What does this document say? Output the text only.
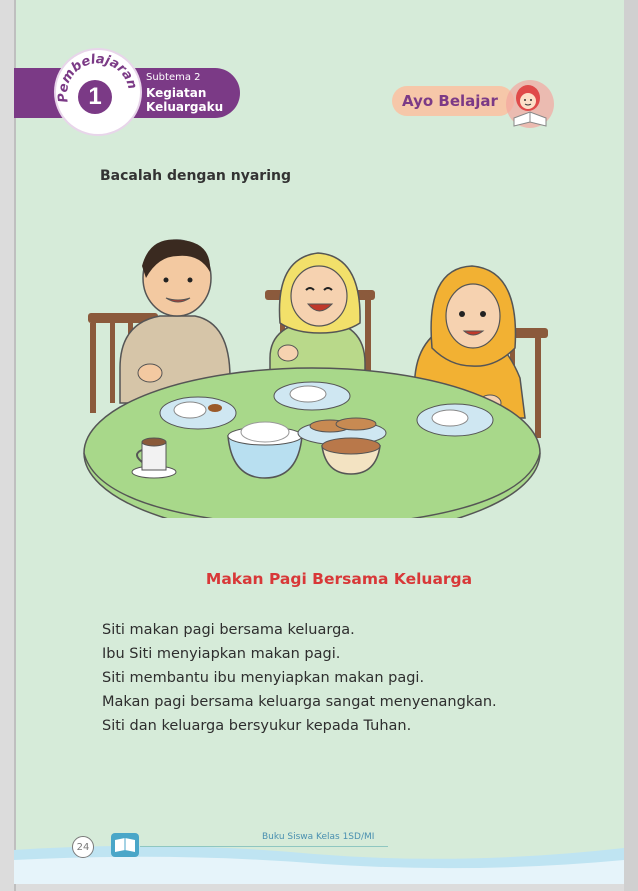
Pembelajaran
1
Subtema 2
Kegiatan Keluargaku	Ayo Belajar
Bacalah dengan nyaring
Makan Pagi Bersama Keluarga
Siti makan pagi bersama keluarga.
Ibu Siti menyiapkan makan pagi.
Siti membantu ibu menyiapkan makan pagi.
Makan pagi bersama keluarga sangat menyenangkan.
Siti dan keluarga bersyukur kepada Tuhan.
24
Buku Siswa Kelas 1SD/MI
